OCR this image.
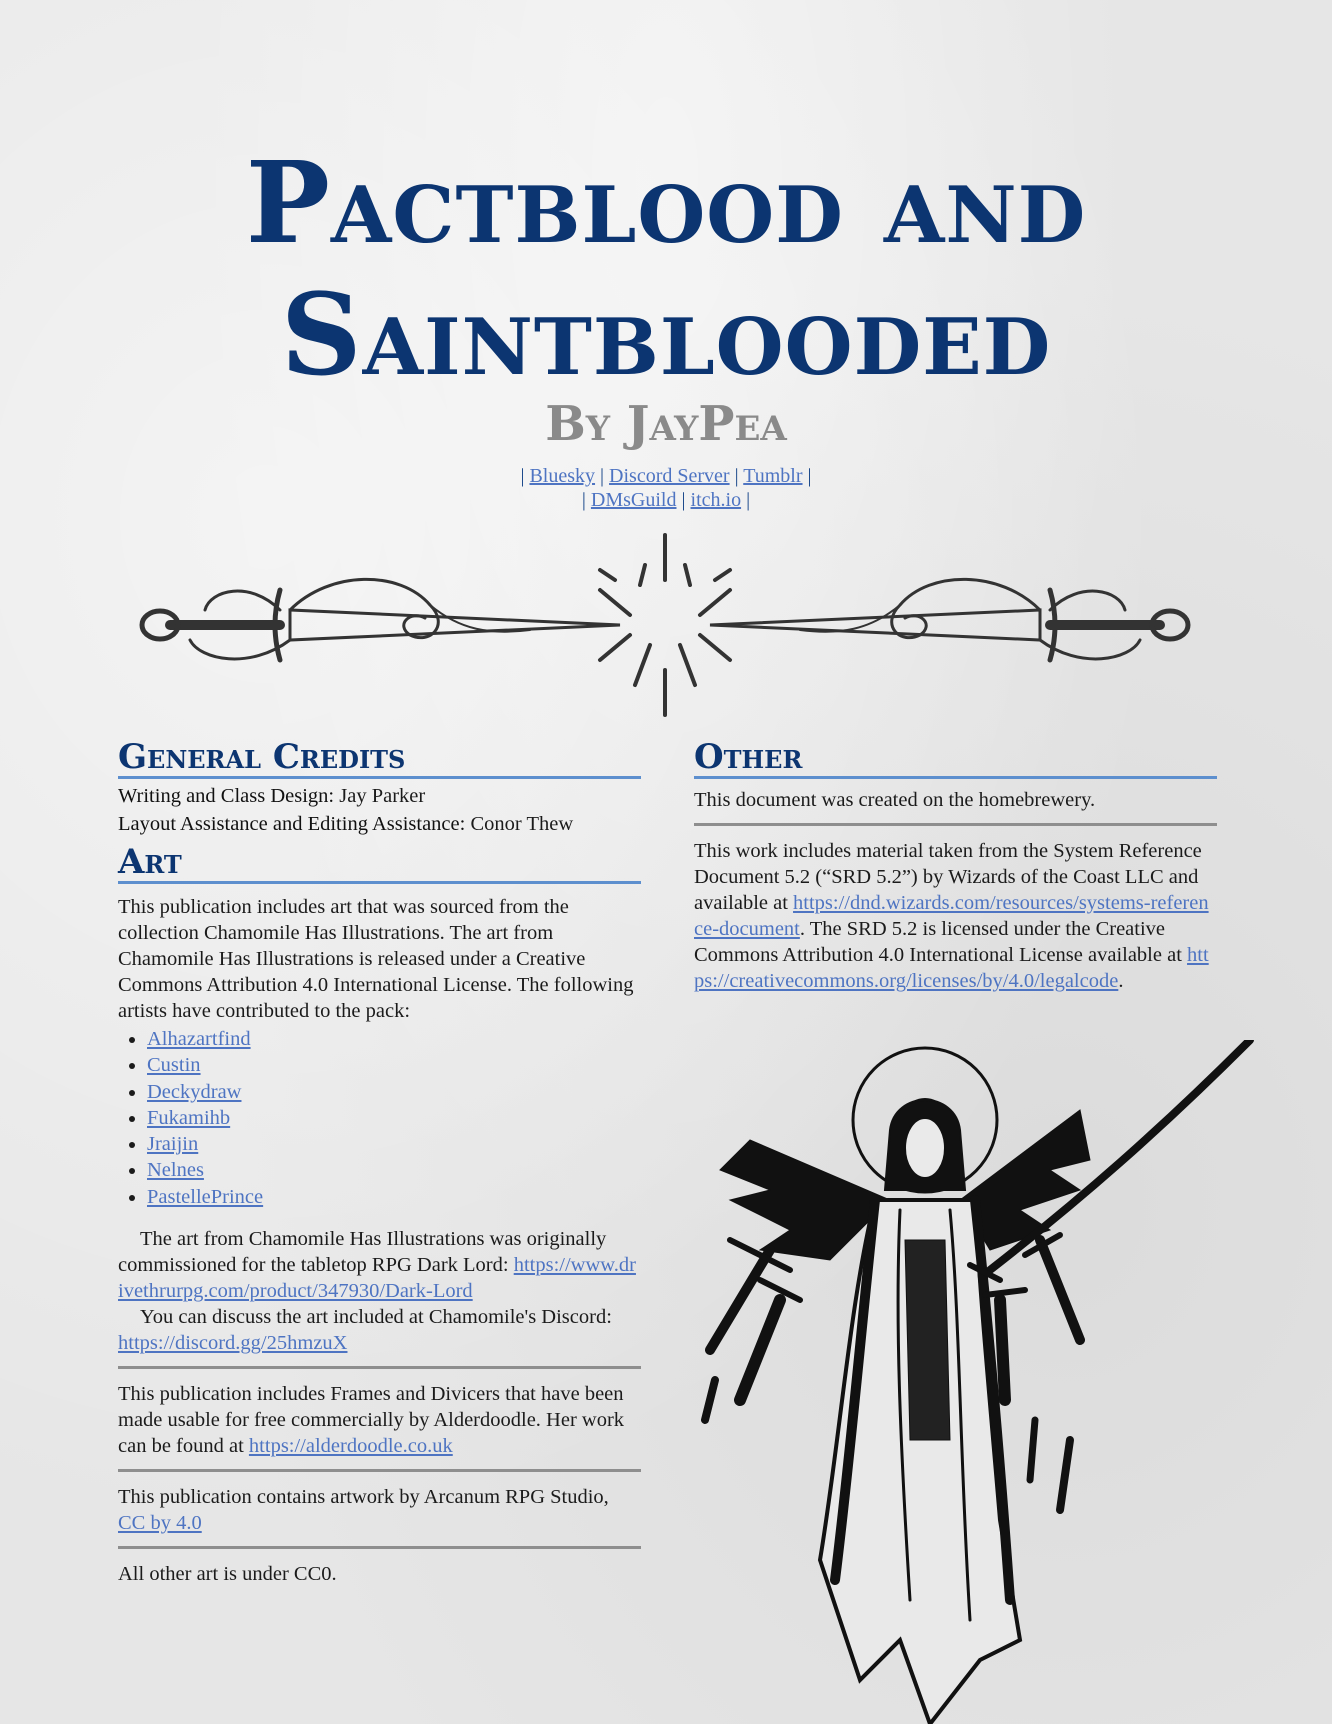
Pactblood and
Saintblooded
By JayPea
| Bluesky | Discord Server | Tumblr |
| DMsGuild | itch.io |
General Credits

Writing and Class Design: Jay Parker

Layout Assistance and Editing Assistance: Conor Thew

Art

This publication includes art that was sourced from the collection Chamomile Has Illustrations. The art from Chamomile Has Illustrations is released under a Creative Commons Attribution 4.0 International License. The following artists have contributed to the pack:

• Alhazartfind
• Custin
• Deckydraw
• Fukamihb
• Jraijin
• Nelnes
• PastellePrince

The art from Chamomile Has Illustrations was originally commissioned for the tabletop RPG Dark Lord: https://www.drivethrurpg.com/product/347930/Dark-Lord

You can discuss the art included at Chamomile's Discord: https://discord.gg/25hmzuX

This publication includes Frames and Divicers that have been made usable for free commercially by Alderdoodle. Her work can be found at https://alderdoodle.co.uk

This publication contains artwork by Arcanum RPG Studio, CC by 4.0

All other art is under CC0.

Other

This document was created on the homebrewery.

This work includes material taken from the System Reference Document 5.2 (“SRD 5.2”) by Wizards of the Coast LLC and available at https://dnd.wizards.com/resources/systems-reference-document. The SRD 5.2 is licensed under the Creative Commons Attribution 4.0 International License available at https://creativecommons.org/licenses/by/4.0/legalcode.
